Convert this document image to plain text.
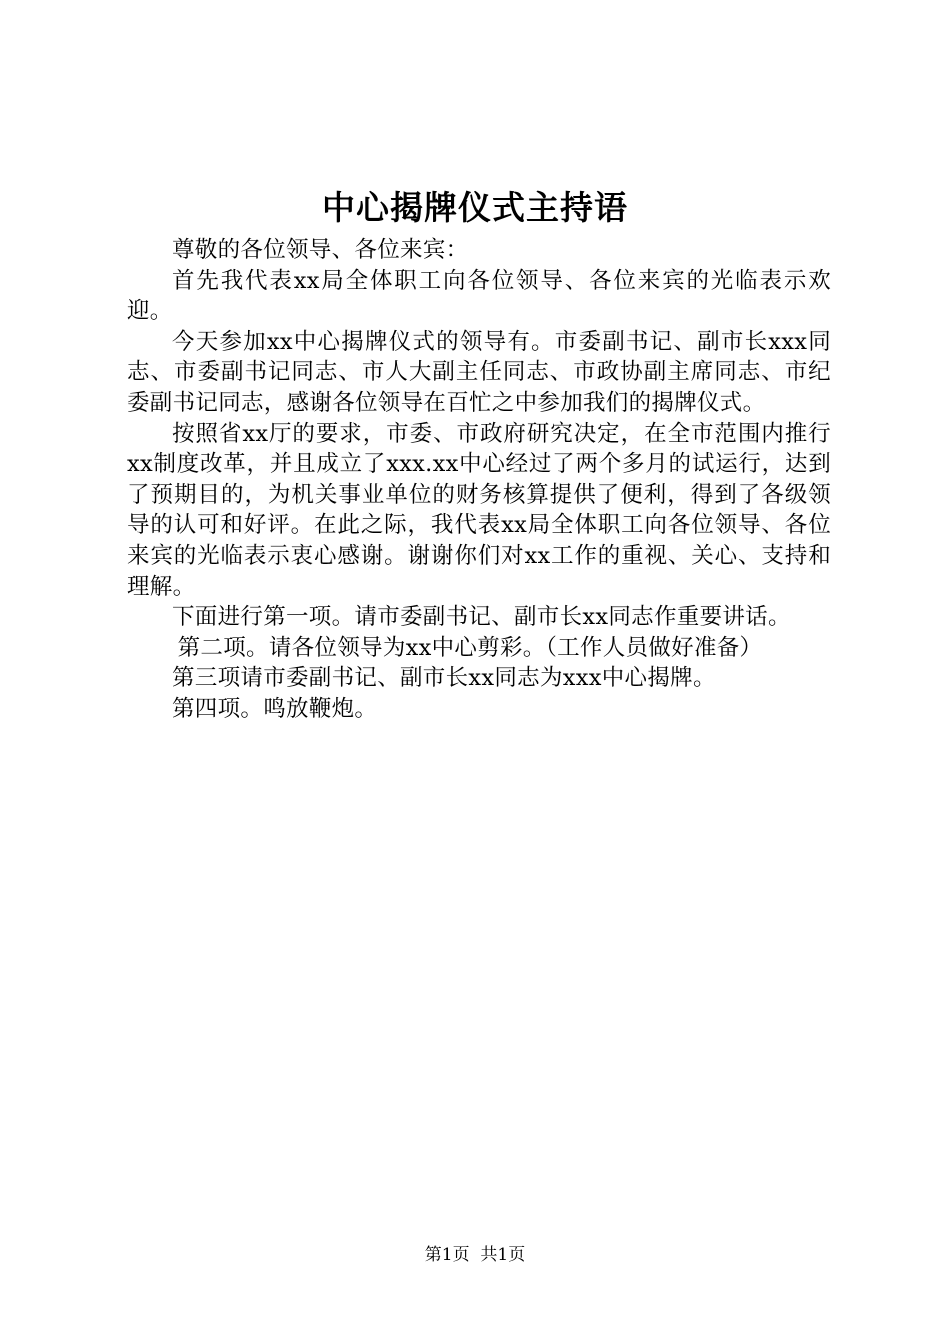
中心揭牌仪式主持语

尊敬的各位领导、各位来宾：

首先我代表xx局全体职工向各位领导、各位来宾的光临表示欢迎。

今天参加xx中心揭牌仪式的领导有。市委副书记、副市长xxx同志、市委副书记同志、市人大副主任同志、市政协副主席同志、市纪委副书记同志，感谢各位领导在百忙之中参加我们的揭牌仪式。

按照省xx厅的要求，市委、市政府研究决定，在全市范围内推行xx制度改革，并且成立了xxx.xx中心经过了两个多月的试运行，达到了预期目的，为机关事业单位的财务核算提供了便利，得到了各级领导的认可和好评。在此之际，我代表xx局全体职工向各位领导、各位来宾的光临表示衷心感谢。谢谢你们对xx工作的重视、关心、支持和理解。

下面进行第一项。请市委副书记、副市长xx同志作重要讲话。

第二项。请各位领导为xx中心剪彩。（工作人员做好准备）

第三项请市委副书记、副市长xx同志为xxx中心揭牌。

第四项。鸣放鞭炮。

第1页 共1页
